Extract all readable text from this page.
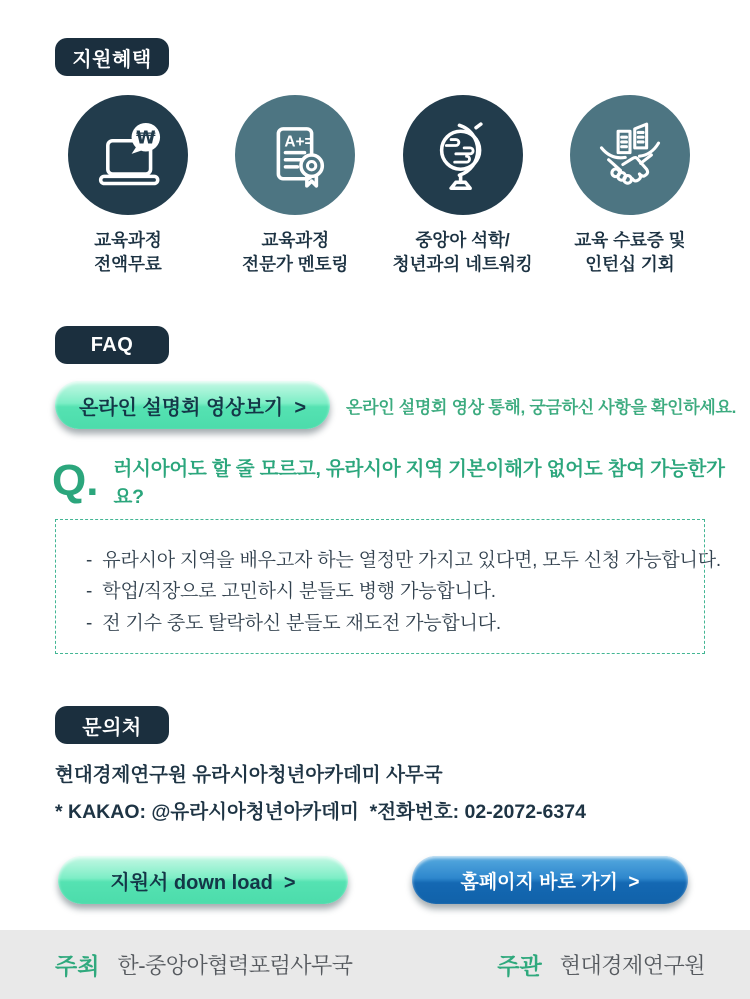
지원혜택
₩
교육과정
전액무료
A+=
교육과정
전문가 멘토링
중앙아 석학/
청년과의 네트워킹
교육 수료증 및
인턴십 기회
FAQ
온라인 설명회 영상보기  >	온라인 설명회 영상 통해, 궁금하신 사항을 확인하세요.
Q. 러시아어도 할 줄 모르고, 유라시아 지역 기본이해가 없어도 참여 가능한가요?
-  유라시아 지역을 배우고자 하는 열정만 가지고 있다면, 모두 신청 가능합니다.
-  학업/직장으로 고민하시 분들도 병행 가능합니다.
-  전 기수 중도 탈락하신 분들도 재도전 가능합니다.
문의처
현대경제연구원 유라시아청년아카데미 사무국
* KAKAO: @유라시아청년아카데미  *전화번호: 02-2072-6374
지원서 down load  >	홈페이지 바로 가기  >
주최 한-중앙아협력포럼사무국	주관 현대경제연구원
